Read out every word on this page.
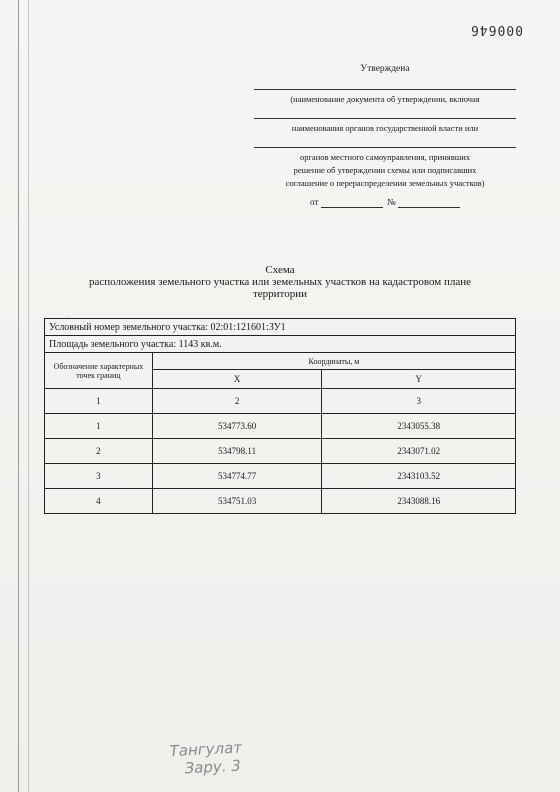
000646
Утверждена
(наименование документа об утверждении, включая
наименования органов государственной власти или
органов местного самоуправления, принявших
решение об утверждении схемы или подписавших
соглашение о перераспределении земельных участков)
от	№
Схема
расположения земельного участка или земельных участков на кадастровом плане
территории
Условный номер земельного участка: 02:01:121601:ЗУ1		
Площадь земельного участка: 1143 кв.м.		
Обозначение характерных точек границ	Координаты, м	
	X	Y
1	2	3
1	534773.60	2343055.38
2	534798.11	2343071.02
3	534774.77	2343103.52
4	534751.03	2343088.16
Тангулат
Зару. 3
